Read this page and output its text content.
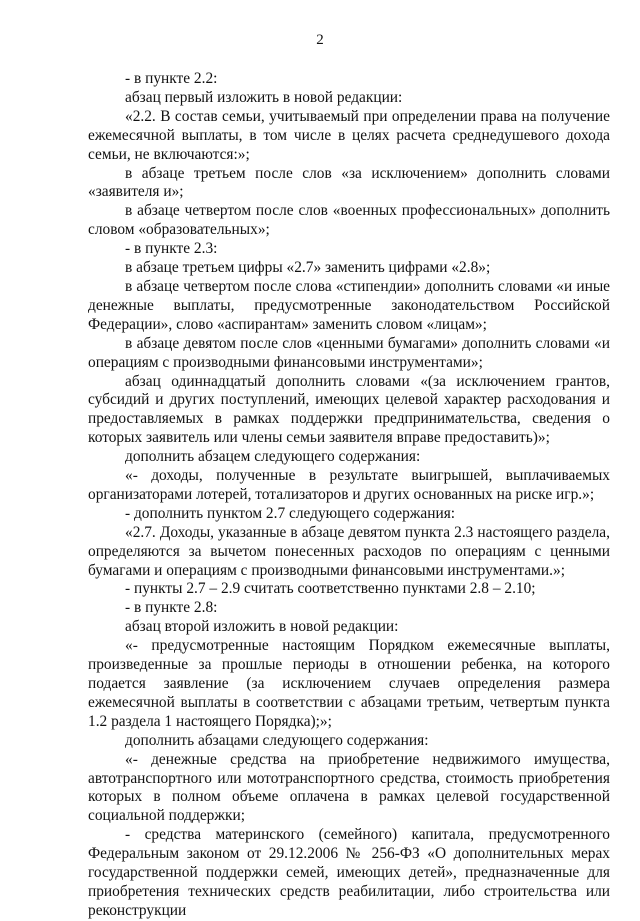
2

- в пункте 2.2:

абзац первый изложить в новой редакции:

«2.2. В состав семьи, учитываемый при определении права на получение ежемесячной выплаты, в том числе в целях расчета среднедушевого дохода семьи, не включаются:»;

в абзаце третьем после слов «за исключением» дополнить словами «заявителя и»;

в абзаце четвертом после слов «военных профессиональных» дополнить словом «образовательных»;

- в пункте 2.3:

в абзаце третьем цифры «2.7» заменить цифрами «2.8»;

в абзаце четвертом после слова «стипендии» дополнить словами «и иные денежные выплаты, предусмотренные законодательством Российской Федерации», слово «аспирантам» заменить словом «лицам»;

в абзаце девятом после слов «ценными бумагами» дополнить словами «и операциям с производными финансовыми инструментами»;

абзац одиннадцатый дополнить словами «(за исключением грантов, субсидий и других поступлений, имеющих целевой характер расходования и предоставляемых в рамках поддержки предпринимательства, сведения о которых заявитель или члены семьи заявителя вправе предоставить)»;

дополнить абзацем следующего содержания:

«- доходы, полученные в результате выигрышей, выплачиваемых организаторами лотерей, тотализаторов и других основанных на риске игр.»;

- дополнить пунктом 2.7 следующего содержания:

«2.7. Доходы, указанные в абзаце девятом пункта 2.3 настоящего раздела, определяются за вычетом понесенных расходов по операциям с ценными бумагами и операциям с производными финансовыми инструментами.»;

- пункты 2.7 – 2.9 считать соответственно пунктами 2.8 – 2.10;

- в пункте 2.8:

абзац второй изложить в новой редакции:

«- предусмотренные настоящим Порядком ежемесячные выплаты, произведенные за прошлые периоды в отношении ребенка, на которого подается заявление (за исключением случаев определения размера ежемесячной выплаты в соответствии с абзацами третьим, четвертым пункта 1.2 раздела 1 настоящего Порядка);»;

дополнить абзацами следующего содержания:

«- денежные средства на приобретение недвижимого имущества, автотранспортного или мототранспортного средства, стоимость приобретения которых в полном объеме оплачена в рамках целевой государственной социальной поддержки;

- средства материнского (семейного) капитала, предусмотренного Федеральным законом от 29.12.2006 № 256-ФЗ «О дополнительных мерах государственной поддержки семей, имеющих детей», предназначенные для приобретения технических средств реабилитации, либо строительства или реконструкции
